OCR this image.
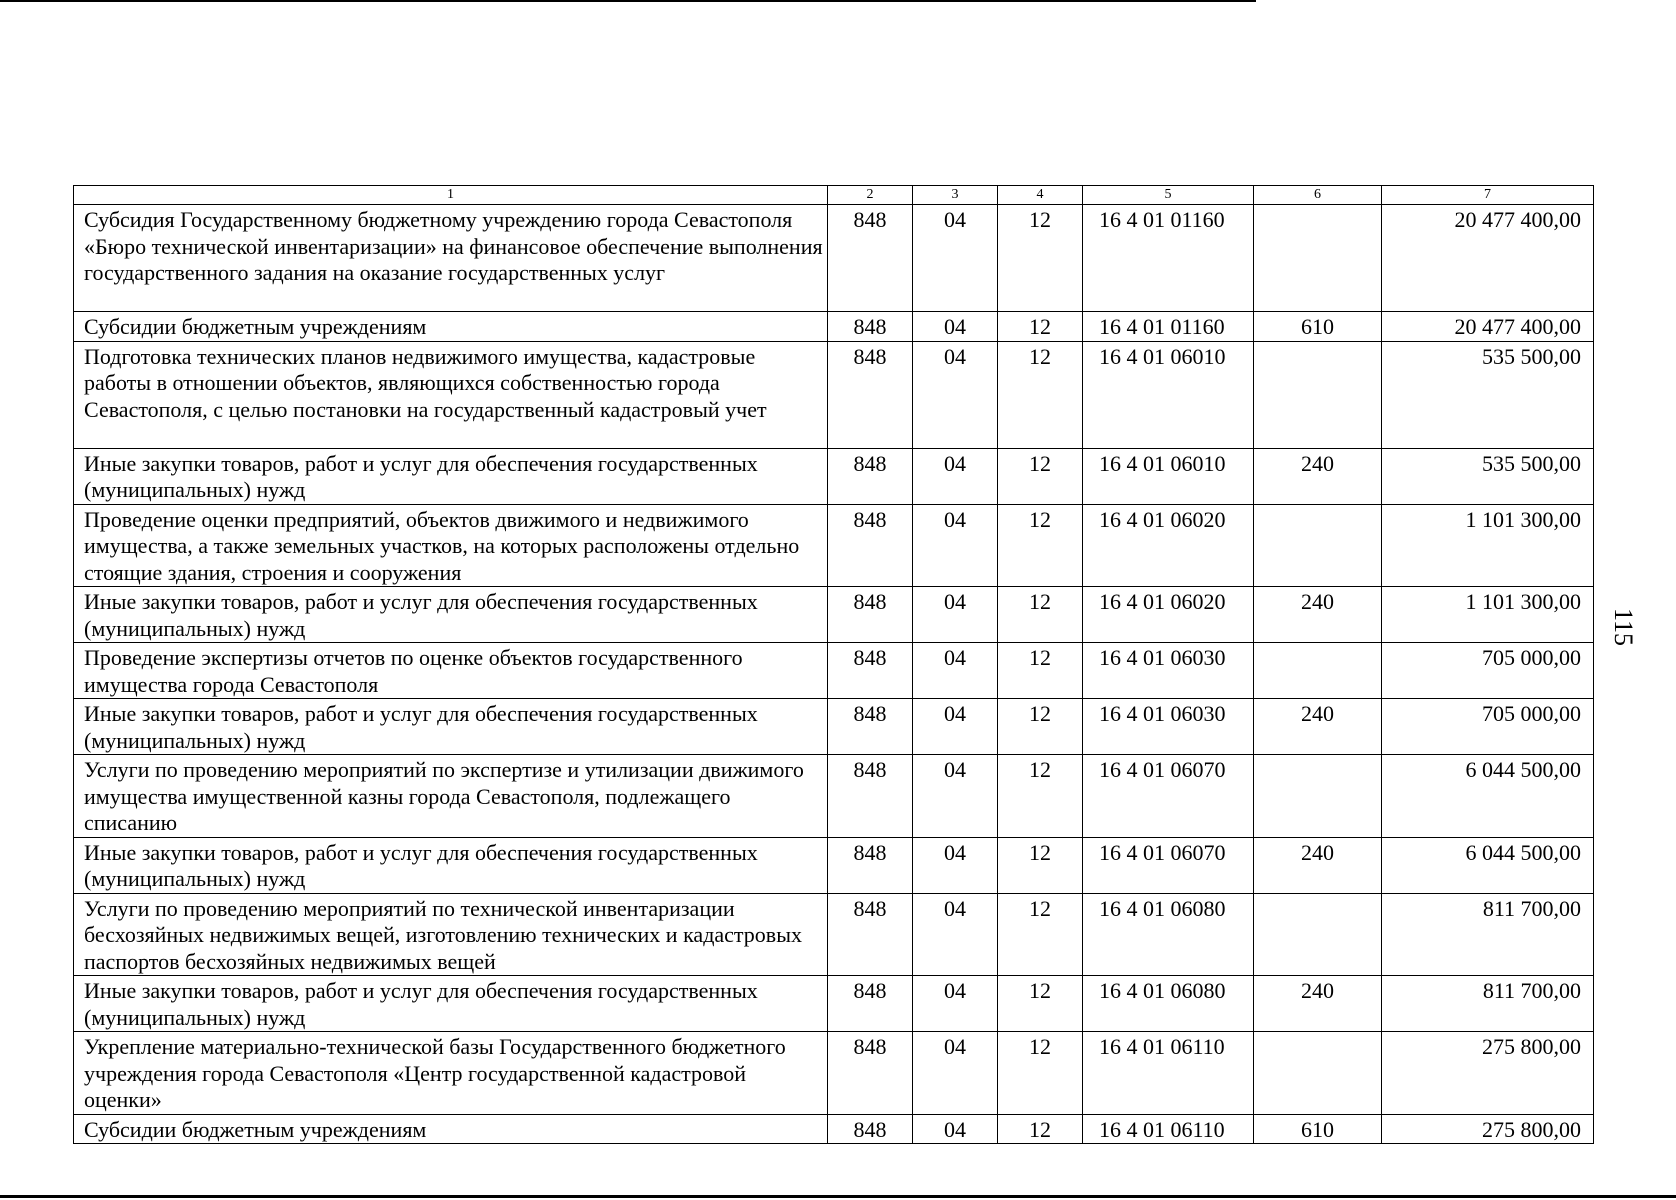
1	2	3	4	5	6	7
Субсидия Государственному бюджетному учреждению города Севастополя «Бюро технической инвентаризации» на финансовое обеспечение выполнения государственного задания на оказание государственных услуг	848	04	12	16 4 01 01160		20 477 400,00
Субсидии бюджетным учреждениям	848	04	12	16 4 01 01160	610	20 477 400,00
Подготовка технических планов недвижимого имущества, кадастровые работы в отношении объектов, являющихся собственностью города Севастополя, с целью постановки на государственный кадастровый учет	848	04	12	16 4 01 06010		535 500,00
Иные закупки товаров, работ и услуг для обеспечения государственных (муниципальных) нужд	848	04	12	16 4 01 06010	240	535 500,00
Проведение оценки предприятий, объектов движимого и недвижимого имущества, а также земельных участков, на которых расположены отдельно стоящие здания, строения и сооружения	848	04	12	16 4 01 06020		1 101 300,00
Иные закупки товаров, работ и услуг для обеспечения государственных (муниципальных) нужд	848	04	12	16 4 01 06020	240	1 101 300,00
Проведение экспертизы отчетов по оценке объектов государственного имущества города Севастополя	848	04	12	16 4 01 06030		705 000,00
Иные закупки товаров, работ и услуг для обеспечения государственных (муниципальных) нужд	848	04	12	16 4 01 06030	240	705 000,00
Услуги по проведению мероприятий по экспертизе и утилизации движимого имущества имущественной казны города Севастополя, подлежащего списанию	848	04	12	16 4 01 06070		6 044 500,00
Иные закупки товаров, работ и услуг для обеспечения государственных (муниципальных) нужд	848	04	12	16 4 01 06070	240	6 044 500,00
Услуги по проведению мероприятий по технической инвентаризации бесхозяйных недвижимых вещей, изготовлению технических и кадастровых паспортов бесхозяйных недвижимых вещей	848	04	12	16 4 01 06080		811 700,00
Иные закупки товаров, работ и услуг для обеспечения государственных (муниципальных) нужд	848	04	12	16 4 01 06080	240	811 700,00
Укрепление материально-технической базы Государственного бюджетного учреждения города Севастополя «Центр государственной кадастровой оценки»	848	04	12	16 4 01 06110		275 800,00
Субсидии бюджетным учреждениям	848	04	12	16 4 01 06110	610	275 800,00
115
